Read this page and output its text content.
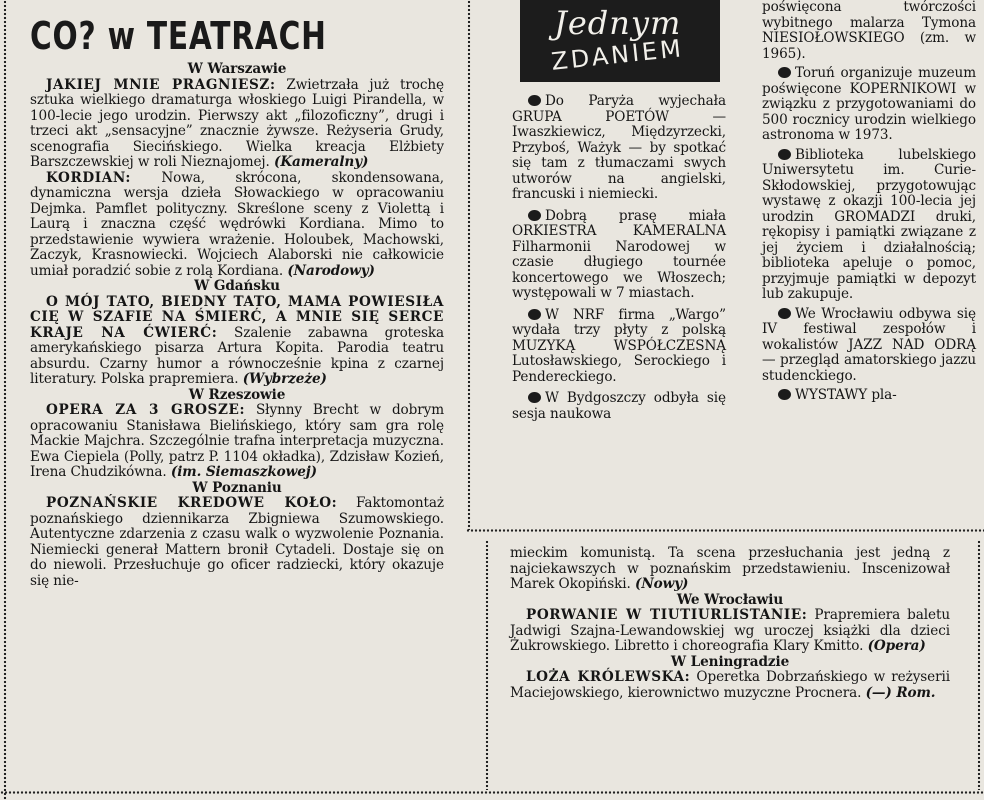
CO? w TEATRACH

W Warszawie

JAKIEJ MNIE PRAGNIESZ: Zwietrzała już trochę sztuka wielkiego dramaturga włoskiego Luigi Pirandella, w 100-lecie jego urodzin. Pierwszy akt „filozoficzny”, drugi i trzeci akt „sensacyjne” znacznie żywsze. Reżyseria Grudy, scenografia Siecińskiego. Wielka kreacja Elżbiety Barszczewskiej w roli Nieznajomej. (Kameralny)

KORDIAN: Nowa, skrócona, skondensowana, dynamiczna wersja dzieła Słowackiego w opracowaniu Dejmka. Pamflet polityczny. Skreślone sceny z Violettą i Laurą i znaczna część wędrówki Kordiana. Mimo to przedstawienie wywiera wrażenie. Holoubek, Machowski, Zaczyk, Krasnowiecki. Wojciech Alaborski nie całkowicie umiał poradzić sobie z rolą Kordiana. (Narodowy)

W Gdańsku

O MÓJ TATO, BIEDNY TATO, MAMA POWIESIŁA CIĘ W SZAFIE NA ŚMIERĆ, A MNIE SIĘ SERCE KRAJE NA ĆWIERĆ: Szalenie zabawna groteska amerykańskiego pisarza Artura Kopita. Parodia teatru absurdu. Czarny humor a równocześnie kpina z czarnej literatury. Polska prapremiera. (Wybrzeże)

W Rzeszowie

OPERA ZA 3 GROSZE: Słynny Brecht w dobrym opracowaniu Stanisława Bielińskiego, który sam gra rolę Mackie Majchra. Szczególnie trafna interpretacja muzyczna. Ewa Ciepiela (Polly, patrz P. 1104 okładka), Zdzisław Kozień, Irena Chudzikówna. (im. Siemaszkowej)

W Poznaniu

POZNAŃSKIE KREDOWE KOŁO: Faktomontaż poznańskiego dziennikarza Zbigniewa Szumowskiego. Autentyczne zdarzenia z czasu walk o wyzwolenie Poznania. Niemiecki generał Mattern bronił Cytadeli. Dostaje się on do niewoli. Przesłuchuje go oficer radziecki, który okazuje się nie-

Jednym
ZDANIEM

Do Paryża wyjechała GRUPA POETÓW — Iwaszkiewicz, Międzyrzecki, Przyboś, Ważyk — by spotkać się tam z tłumaczami swych utworów na angielski, francuski i niemiecki.

Dobrą prasę miała ORKIESTRA KAMERALNA Filharmonii Narodowej w czasie długiego tournée koncertowego we Włoszech; występowali w 7 miastach.

W NRF firma „Wargo” wydała trzy płyty z polską MUZYKĄ WSPÓŁCZESNĄ Lutosławskiego, Serockiego i Pendereckiego.

W Bydgoszczy odbyła się sesja naukowa

poświęcona twórczości wybitnego malarza Tymona NIESIOŁOWSKIEGO (zm. w 1965).

Toruń organizuje muzeum poświęcone KOPERNIKOWI w związku z przygotowaniami do 500 rocznicy urodzin wielkiego astronoma w 1973.

Biblioteka lubelskiego Uniwersytetu im. Curie-Skłodowskiej, przygotowując wystawę z okazji 100-lecia jej urodzin GROMADZI druki, rękopisy i pamiątki związane z jej życiem i działalnością; biblioteka apeluje o pomoc, przyjmuje pamiątki w depozyt lub zakupuje.

We Wrocławiu odbywa się IV festiwal zespołów i wokalistów JAZZ NAD ODRĄ — przegląd amatorskiego jazzu studenckiego.

WYSTAWY pla-

mieckim komunistą. Ta scena przesłuchania jest jedną z najciekawszych w poznańskim przedstawieniu. Inscenizował Marek Okopiński. (Nowy)

We Wrocławiu

PORWANIE W TIUTIURLISTANIE: Prapremiera baletu Jadwigi Szajna-Lewandowskiej wg uroczej książki dla dzieci Żukrowskiego. Libretto i choreografia Klary Kmitto. (Opera)

W Leningradzie

LOŻA KRÓLEWSKA: Operetka Dobrzańskiego w reżyserii Maciejowskiego, kierownictwo muzyczne Procnera. (—) Rom.
